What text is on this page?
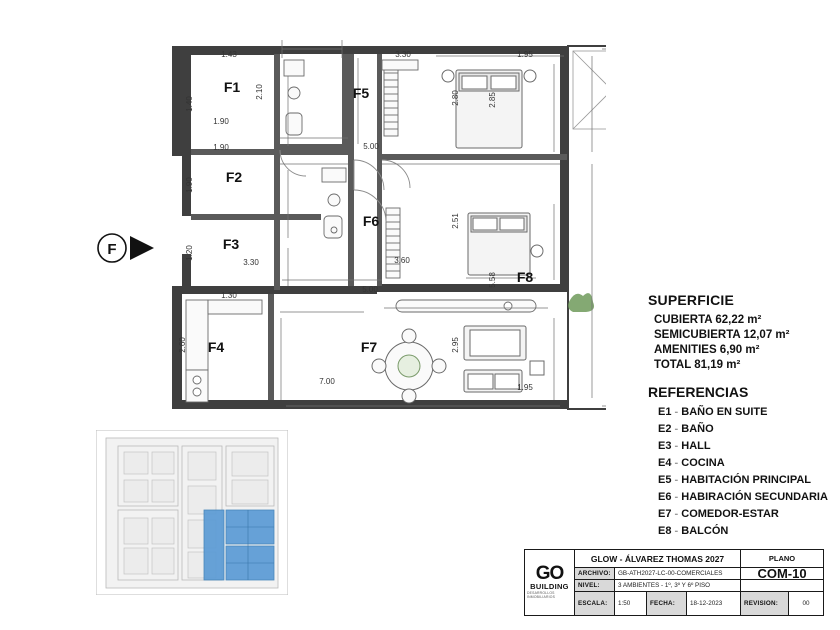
1.43
2.10
1.40
1.90
1.90
1.90
1.20
3.30
1.30
2.60
7.00
3.30
2.80	2.85
1.95
5.00
2.51
3.60
5.00
5.58
2.95
1.95
F1
F2
F3
F4
F5
F6
F7
F8
F
SUPERFICIE
CUBIERTA 62,22 m²
SEMICUBIERTA 12,07 m²
AMENITIES 6,90 m²
TOTAL 81,19 m²
REFERENCIAS
E1 - BAÑO EN SUITE
E2 - BAÑO
E3 - HALL
E4 - COCINA
E5 - HABITACIÓN PRINCIPAL
E6 - HABIRACIÓN SECUNDARIA
E7 - COMEDOR-ESTAR
E8 - BALCÓN
GO
BUILDING
DESARROLLOS INMOBILIARIOS
GLOW - ÁLVAREZ THOMAS 2027	PLANO
ARCHIVO:	GB-ATH2027-LC-00-COMERCIALES	COM-10
NIVEL:	3 AMBIENTES - 1º, 3º Y 6º PISO
ESCALA:	1:50	FECHA:	18-12-2023	REVISION:	00
